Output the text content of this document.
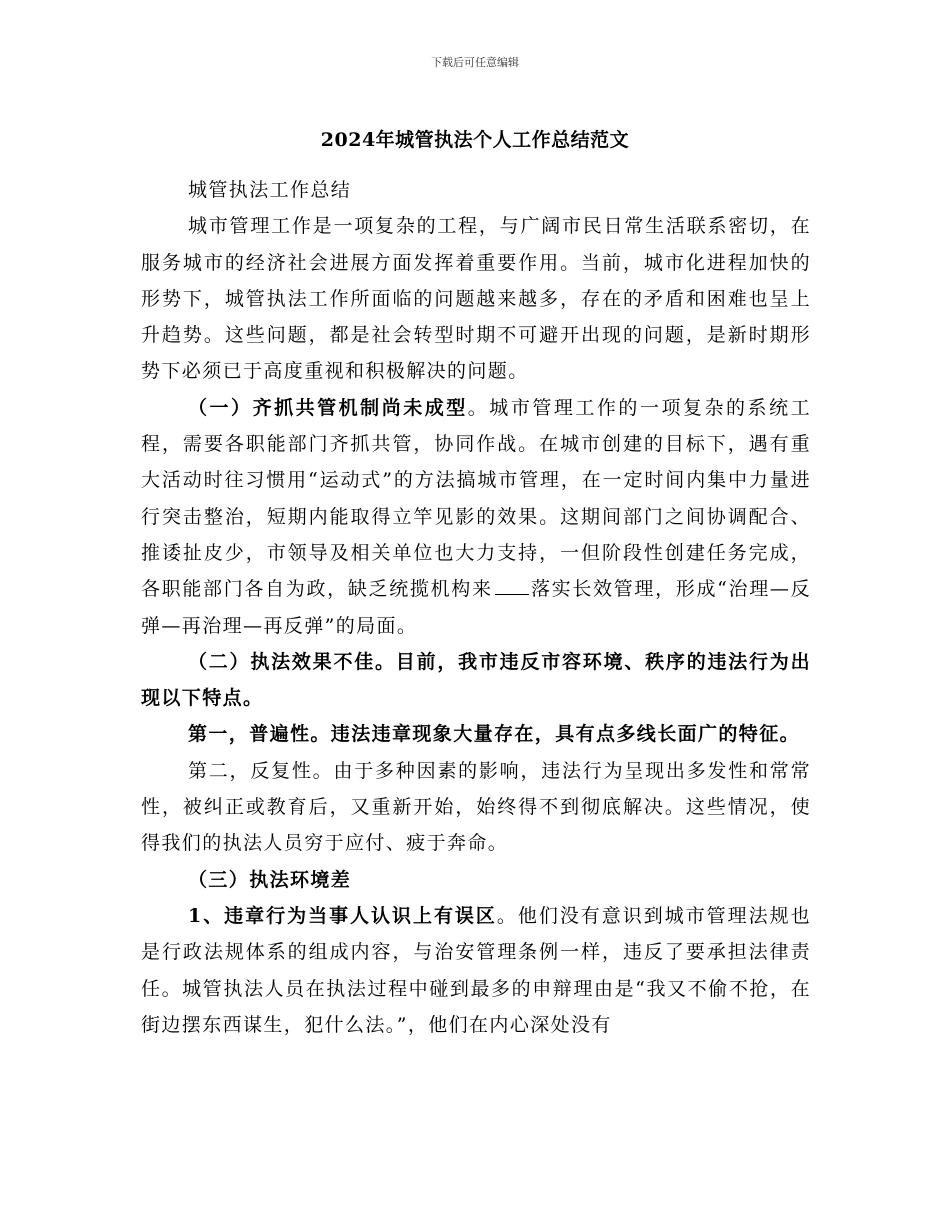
下载后可任意编辑
2024年城管执法个人工作总结范文

城管执法工作总结

城市管理工作是一项复杂的工程，与广阔市民日常生活联系密切，在服务城市的经济社会进展方面发挥着重要作用。当前，城市化进程加快的形势下，城管执法工作所面临的问题越来越多，存在的矛盾和困难也呈上升趋势。这些问题，都是社会转型时期不可避开出现的问题，是新时期形势下必须已于高度重视和积极解决的问题。

（一）齐抓共管机制尚未成型。城市管理工作的一项复杂的系统工程，需要各职能部门齐抓共管，协同作战。在城市创建的目标下，遇有重大活动时往习惯用“运动式”的方法搞城市管理，在一定时间内集中力量进行突击整治，短期内能取得立竿见影的效果。这期间部门之间协调配合、推诿扯皮少，市领导及相关单位也大力支持，一但阶段性创建任务完成，各职能部门各自为政，缺乏统揽机构来 落实长效管理，形成“治理—反弹—再治理—再反弹”的局面。

（二）执法效果不佳。目前，我市违反市容环境、秩序的违法行为出现以下特点。

第一，普遍性。违法违章现象大量存在，具有点多线长面广的特征。

第二，反复性。由于多种因素的影响，违法行为呈现出多发性和常常性，被纠正或教育后，又重新开始，始终得不到彻底解决。这些情况，使得我们的执法人员穷于应付、疲于奔命。

（三）执法环境差

1、违章行为当事人认识上有误区。他们没有意识到城市管理法规也是行政法规体系的组成内容，与治安管理条例一样，违反了要承担法律责任。城管执法人员在执法过程中碰到最多的申辩理由是“我又不偷不抢，在街边摆东西谋生，犯什么法。”，他们在内心深处没有
